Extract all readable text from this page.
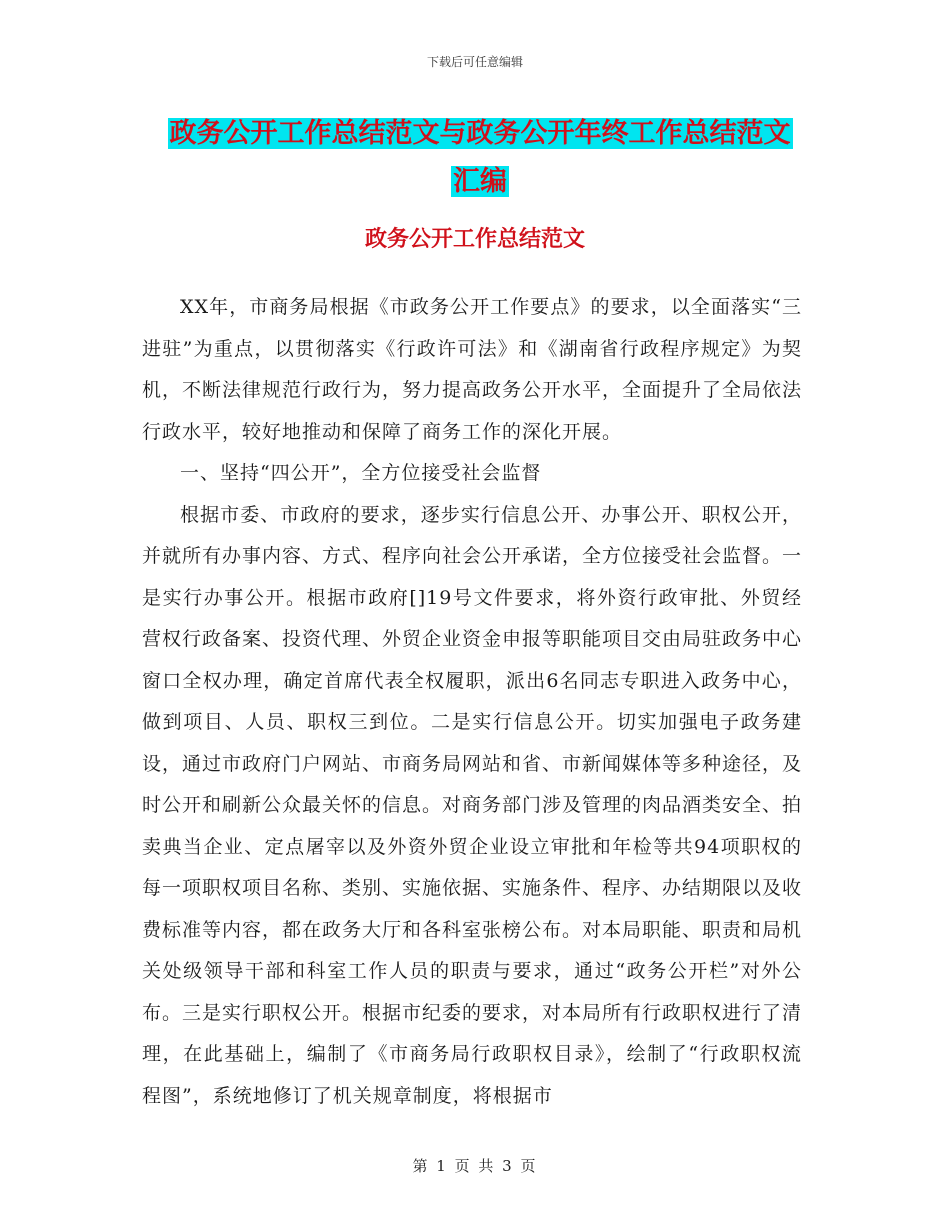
下载后可任意编辑
政务公开工作总结范文与政务公开年终工作总结范文
汇编
政务公开工作总结范文

XX年，市商务局根据《市政务公开工作要点》的要求，以全面落实“三进驻”为重点，以贯彻落实《行政许可法》和《湖南省行政程序规定》为契机，不断法律规范行政行为，努力提高政务公开水平，全面提升了全局依法行政水平，较好地推动和保障了商务工作的深化开展。

一、坚持“四公开”，全方位接受社会监督

根据市委、市政府的要求，逐步实行信息公开、办事公开、职权公开，并就所有办事内容、方式、程序向社会公开承诺，全方位接受社会监督。一是实行办事公开。根据市政府[]19号文件要求，将外资行政审批、外贸经营权行政备案、投资代理、外贸企业资金申报等职能项目交由局驻政务中心窗口全权办理，确定首席代表全权履职，派出6名同志专职进入政务中心，做到项目、人员、职权三到位。二是实行信息公开。切实加强电子政务建设，通过市政府门户网站、市商务局网站和省、市新闻媒体等多种途径，及时公开和刷新公众最关怀的信息。对商务部门涉及管理的肉品酒类安全、拍卖典当企业、定点屠宰以及外资外贸企业设立审批和年检等共94项职权的每一项职权项目名称、类别、实施依据、实施条件、程序、办结期限以及收费标准等内容，都在政务大厅和各科室张榜公布。对本局职能、职责和局机关处级领导干部和科室工作人员的职责与要求，通过“政务公开栏”对外公布。三是实行职权公开。根据市纪委的要求，对本局所有行政职权进行了清理，在此基础上，编制了《市商务局行政职权目录》，绘制了“行政职权流程图”，系统地修订了机关规章制度，将根据市

第 1 页 共 3 页
